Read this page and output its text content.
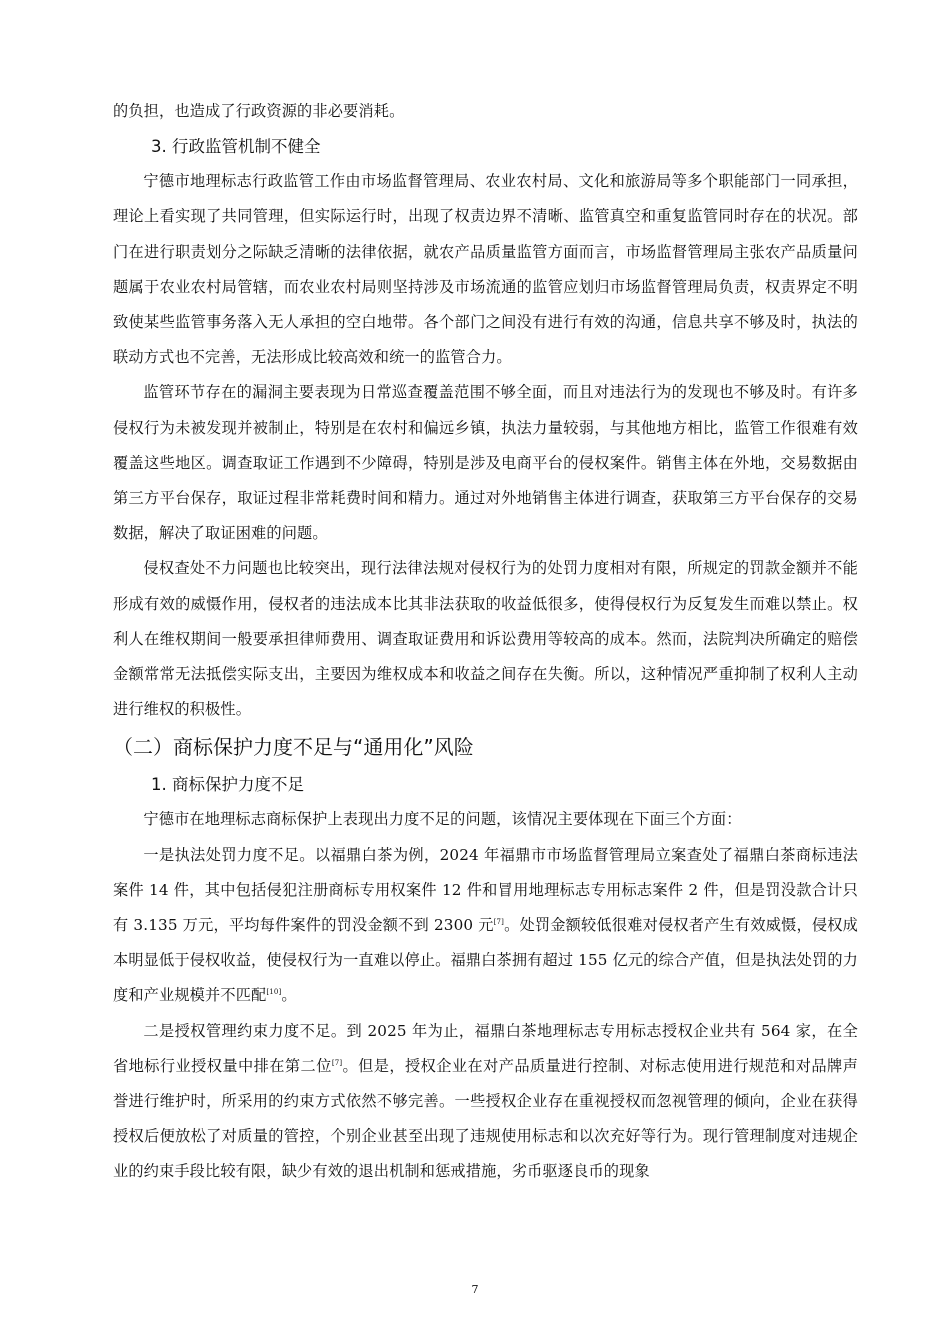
的负担，也造成了行政资源的非必要消耗。

3. 行政监管机制不健全

宁德市地理标志行政监管工作由市场监督管理局、农业农村局、文化和旅游局等多个职能部门一同承担，理论上看实现了共同管理，但实际运行时，出现了权责边界不清晰、监管真空和重复监管同时存在的状况。部门在进行职责划分之际缺乏清晰的法律依据，就农产品质量监管方面而言，市场监督管理局主张农产品质量问题属于农业农村局管辖，而农业农村局则坚持涉及市场流通的监管应划归市场监督管理局负责，权责界定不明致使某些监管事务落入无人承担的空白地带。各个部门之间没有进行有效的沟通，信息共享不够及时，执法的联动方式也不完善，无法形成比较高效和统一的监管合力。

监管环节存在的漏洞主要表现为日常巡查覆盖范围不够全面，而且对违法行为的发现也不够及时。有许多侵权行为未被发现并被制止，特别是在农村和偏远乡镇，执法力量较弱，与其他地方相比，监管工作很难有效覆盖这些地区。调查取证工作遇到不少障碍，特别是涉及电商平台的侵权案件。销售主体在外地，交易数据由第三方平台保存，取证过程非常耗费时间和精力。通过对外地销售主体进行调查，获取第三方平台保存的交易数据，解决了取证困难的问题。

侵权查处不力问题也比较突出，现行法律法规对侵权行为的处罚力度相对有限，所规定的罚款金额并不能形成有效的威慑作用，侵权者的违法成本比其非法获取的收益低很多，使得侵权行为反复发生而难以禁止。权利人在维权期间一般要承担律师费用、调查取证费用和诉讼费用等较高的成本。然而，法院判决所确定的赔偿金额常常无法抵偿实际支出，主要因为维权成本和收益之间存在失衡。所以，这种情况严重抑制了权利人主动进行维权的积极性。

（二）商标保护力度不足与“通用化”风险

1. 商标保护力度不足

宁德市在地理标志商标保护上表现出力度不足的问题，该情况主要体现在下面三个方面：

一是执法处罚力度不足。以福鼎白茶为例，2024 年福鼎市市场监督管理局立案查处了福鼎白茶商标违法案件 14 件，其中包括侵犯注册商标专用权案件 12 件和冒用地理标志专用标志案件 2 件，但是罚没款合计只有 3.135 万元，平均每件案件的罚没金额不到 2300 元[7]。处罚金额较低很难对侵权者产生有效威慑，侵权成本明显低于侵权收益，使侵权行为一直难以停止。福鼎白茶拥有超过 155 亿元的综合产值，但是执法处罚的力度和产业规模并不匹配[10]。

二是授权管理约束力度不足。到 2025 年为止，福鼎白茶地理标志专用标志授权企业共有 564 家，在全省地标行业授权量中排在第二位[7]。但是，授权企业在对产品质量进行控制、对标志使用进行规范和对品牌声誉进行维护时，所采用的约束方式依然不够完善。一些授权企业存在重视授权而忽视管理的倾向，企业在获得授权后便放松了对质量的管控，个别企业甚至出现了违规使用标志和以次充好等行为。现行管理制度对违规企业的约束手段比较有限，缺少有效的退出机制和惩戒措施，劣币驱逐良币的现象

7
